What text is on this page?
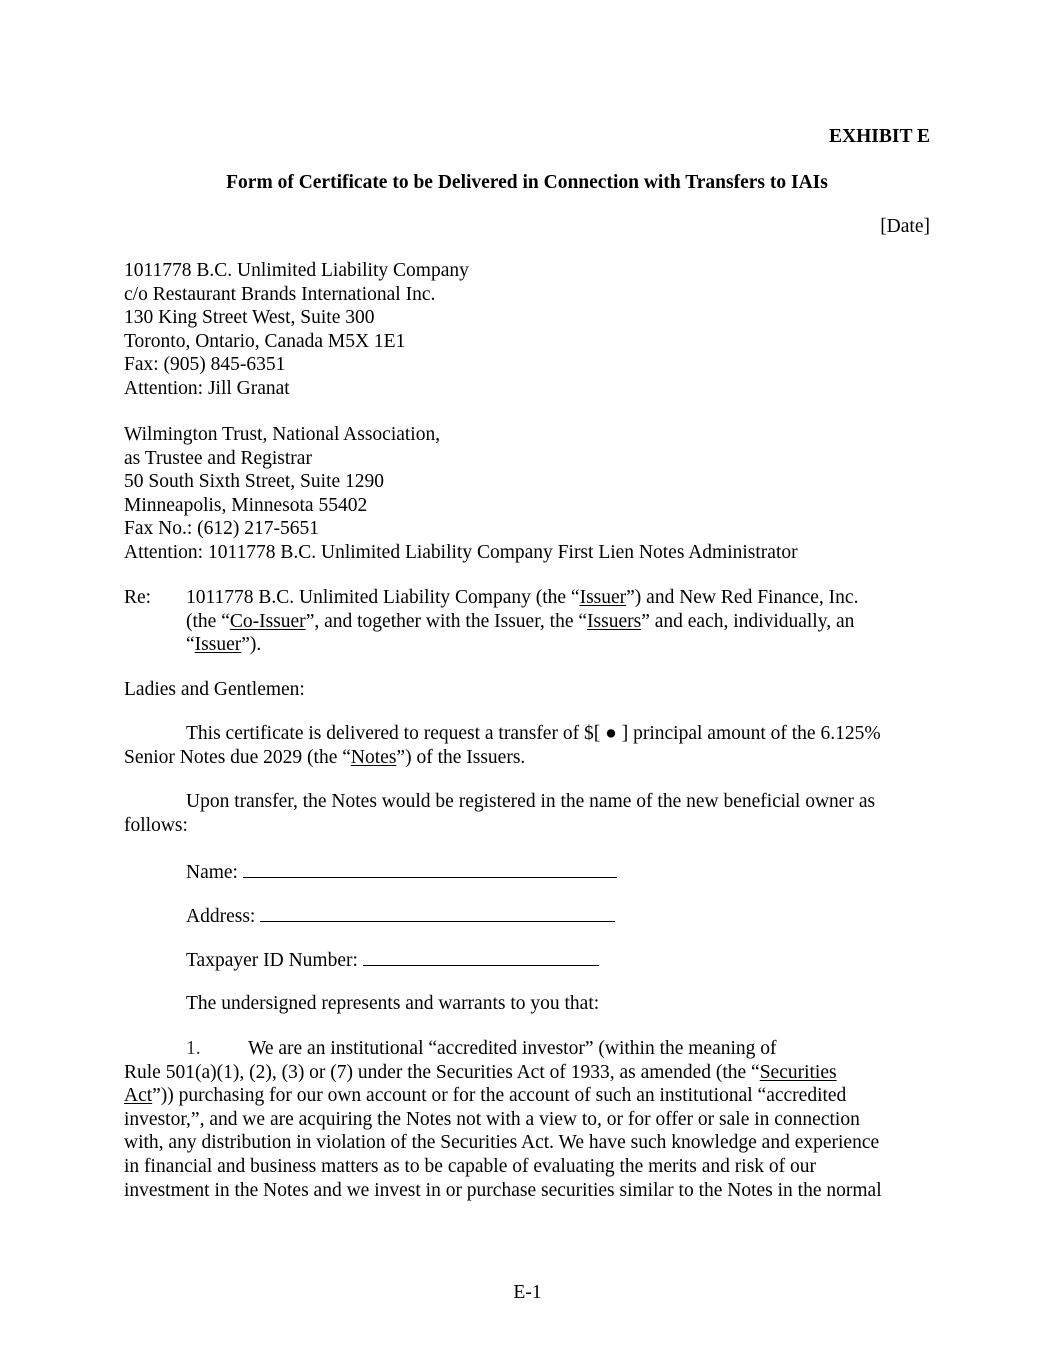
EXHIBIT E
Form of Certificate to be Delivered in Connection with Transfers to IAIs
[Date]
1011778 B.C. Unlimited Liability Company
c/o Restaurant Brands International Inc.
130 King Street West, Suite 300
Toronto, Ontario, Canada M5X 1E1
Fax: (905) 845-6351
Attention: Jill Granat
Wilmington Trust, National Association,
as Trustee and Registrar
50 South Sixth Street, Suite 1290
Minneapolis, Minnesota 55402
Fax No.: (612) 217-5651
Attention: 1011778 B.C. Unlimited Liability Company First Lien Notes Administrator
Re: 1011778 B.C. Unlimited Liability Company (the “Issuer”) and New Red Finance, Inc.
(the “Co-Issuer”, and together with the Issuer, the “Issuers” and each, individually, an
“Issuer”).
Ladies and Gentlemen:
This certificate is delivered to request a transfer of $[ ● ] principal amount of the 6.125%
Senior Notes due 2029 (the “Notes”) of the Issuers.
Upon transfer, the Notes would be registered in the name of the new beneficial owner as
follows:
Name:
Address:
Taxpayer ID Number:
The undersigned represents and warrants to you that:
1. We are an institutional “accredited investor” (within the meaning of
Rule 501(a)(1), (2), (3) or (7) under the Securities Act of 1933, as amended (the “Securities
Act”)) purchasing for our own account or for the account of such an institutional “accredited
investor,”, and we are acquiring the Notes not with a view to, or for offer or sale in connection
with, any distribution in violation of the Securities Act. We have such knowledge and experience
in financial and business matters as to be capable of evaluating the merits and risk of our
investment in the Notes and we invest in or purchase securities similar to the Notes in the normal
E-1
